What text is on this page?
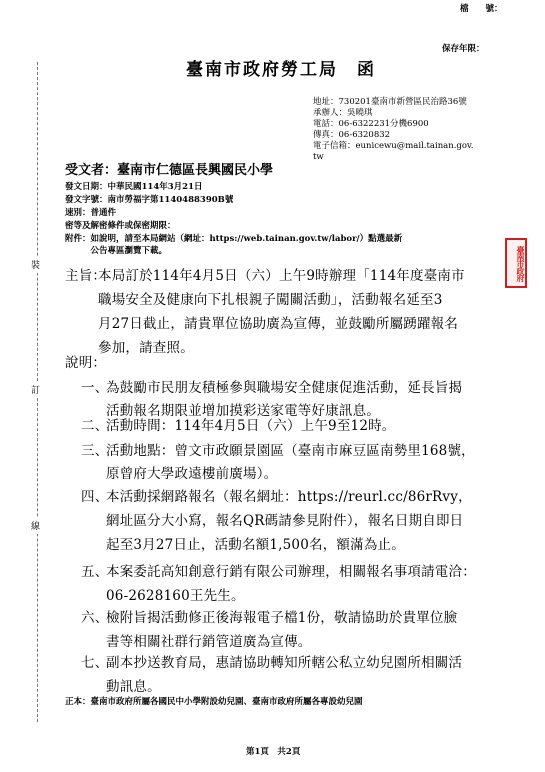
檔　　號：
保存年限：
臺南市政府勞工局　函
裝
訂
線
臺南市政府
地址：730201臺南市新營區民治路36號
承辦人：吳曉琪
電話：06-6322231分機6900
傳真：06-6320832
電子信箱：eunicewu@mail.tainan.gov.
tw
受文者：臺南市仁德區長興國民小學
發文日期：中華民國114年3月21日
發文字號：南市勞福字第1140488390B號
速別：普通件
密等及解密條件或保密期限：
附件：如說明，請至本局網站（網址：https://web.tainan.gov.tw/labor/）點選最新
　　　公告專區瀏覽下載。
主旨：
本局訂於114年4月5日（六）上午9時辦理「114年度臺南市
職場安全及健康向下扎根親子闖關活動」，活動報名延至3
月27日截止，請貴單位協助廣為宣傳，並鼓勵所屬踴躍報名
參加，請查照。
說明：
一、
為鼓勵市民朋友積極參與職場安全健康促進活動，延長旨揭
活動報名期限並增加摸彩送家電等好康訊息。
二、
活動時間：114年4月5日（六）上午9至12時。
三、
活動地點：曾文市政願景園區（臺南市麻豆區南勢里168號，
原曾府大學政遠樓前廣場）。
四、
本活動採網路報名（報名網址：https://reurl.cc/86rRvy，
網址區分大小寫，報名QR碼請參見附件），報名日期自即日
起至3月27日止，活動名額1,500名，額滿為止。
五、
本案委託高知創意行銷有限公司辦理，相關報名事項請電洽：
06-2628160王先生。
六、
檢附旨揭活動修正後海報電子檔1份，敬請協助於貴單位臉
書等相關社群行銷管道廣為宣傳。
七、
副本抄送教育局，惠請協助轉知所轄公私立幼兒園所相關活
動訊息。
正本：臺南市政府所屬各國民中小學附設幼兒園、臺南市政府所屬各專設幼兒園
第1頁　共2頁
